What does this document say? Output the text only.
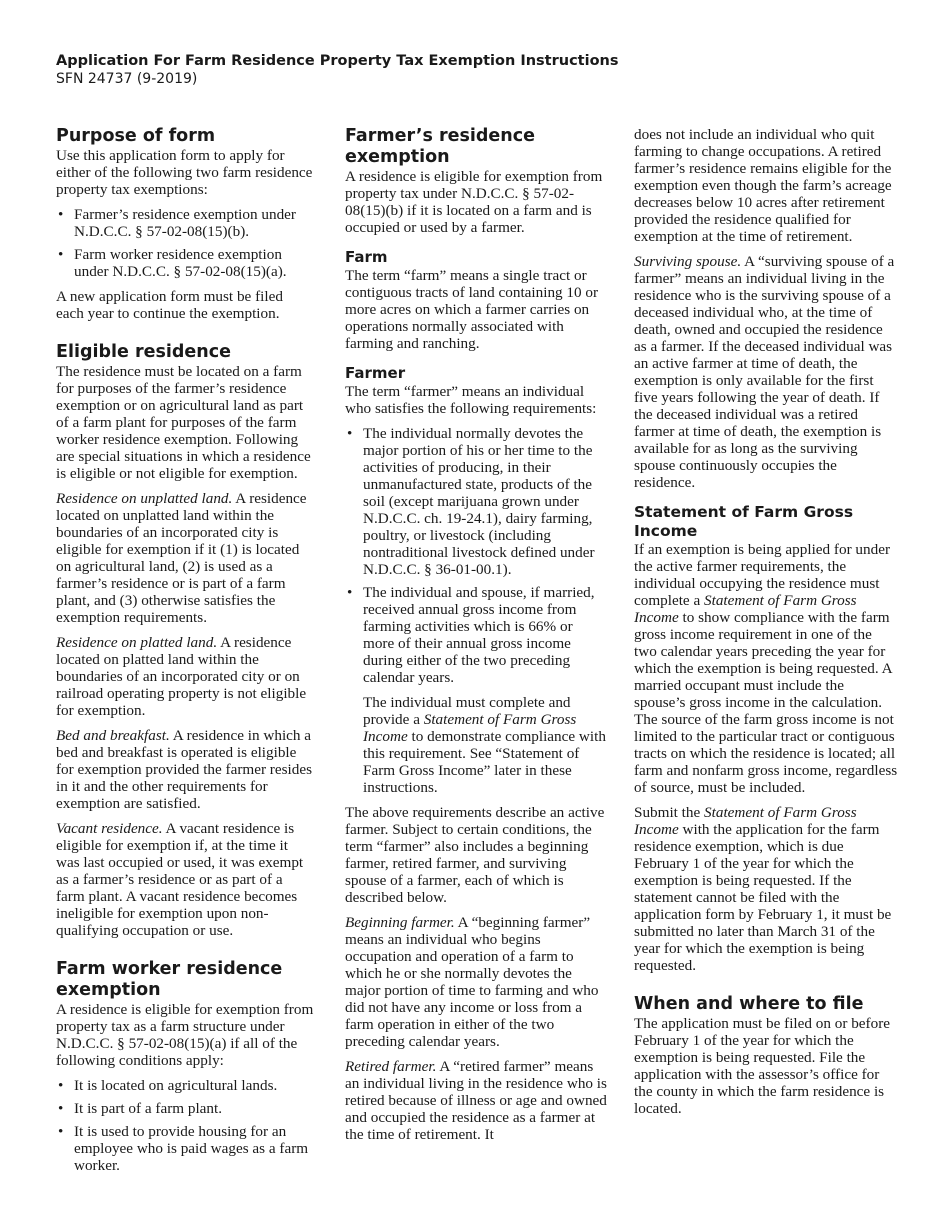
Application For Farm Residence Property Tax Exemption Instructions
SFN 24737 (9-2019)
Purpose of form

Use this application form to apply for either of the following two farm residence property tax exemptions:

• Farmer’s residence exemption under N.D.C.C. § 57-02-08(15)(b).
• Farm worker residence exemption under N.D.C.C. § 57-02-08(15)(a).

A new application form must be filed each year to continue the exemption.

Eligible residence

The residence must be located on a farm for purposes of the farmer’s residence exemption or on agricultural land as part of a farm plant for purposes of the farm worker residence exemption. Following are special situations in which a residence is eligible or not eligible for exemption.

Residence on unplatted land. A residence located on unplatted land within the boundaries of an incorporated city is eligible for exemption if it (1) is located on agricultural land, (2) is used as a farmer’s residence or is part of a farm plant, and (3) otherwise satisfies the exemption requirements.

Residence on platted land. A residence located on platted land within the boundaries of an incorporated city or on railroad operating property is not eligible for exemption.

Bed and breakfast. A residence in which a bed and breakfast is operated is eligible for exemption provided the farmer resides in it and the other requirements for exemption are satisfied.

Vacant residence. A vacant residence is eligible for exemption if, at the time it was last occupied or used, it was exempt as a farmer’s residence or as part of a farm plant. A vacant residence becomes ineligible for exemption upon non-qualifying occupation or use.

Farm worker residence exemption

A residence is eligible for exemption from property tax as a farm structure under N.D.C.C. § 57-02-08(15)(a) if all of the following conditions apply:

• It is located on agricultural lands.
• It is part of a farm plant.
• It is used to provide housing for an employee who is paid wages as a farm worker.
Farmer’s residence exemption

A residence is eligible for exemption from property tax under N.D.C.C. § 57-02-08(15)(b) if it is located on a farm and is occupied or used by a farmer.

Farm

The term “farm” means a single tract or contiguous tracts of land containing 10 or more acres on which a farmer carries on operations normally associated with farming and ranching.

Farmer

The term “farmer” means an individual who satisfies the following requirements:

• The individual normally devotes the major portion of his or her time to the activities of producing, in their unmanufactured state, products of the soil (except marijuana grown under N.D.C.C. ch. 19-24.1), dairy farming, poultry, or livestock (including nontraditional livestock defined under N.D.C.C. § 36-01-00.1).
• The individual and spouse, if married, received annual gross income from farming activities which is 66% or more of their annual gross income during either of the two preceding calendar years.
The individual must complete and provide a Statement of Farm Gross Income to demonstrate compliance with this requirement. See “Statement of Farm Gross Income” later in these instructions.

The above requirements describe an active farmer. Subject to certain conditions, the term “farmer” also includes a beginning farmer, retired farmer, and surviving spouse of a farmer, each of which is described below.

Beginning farmer. A “beginning farmer” means an individual who begins occupation and operation of a farm to which he or she normally devotes the major portion of time to farming and who did not have any income or loss from a farm operation in either of the two preceding calendar years.

Retired farmer. A “retired farmer” means an individual living in the residence who is retired because of illness or age and owned and occupied the residence as a farmer at the time of retirement. It

does not include an individual who quit farming to change occupations. A retired farmer’s residence remains eligible for the exemption even though the farm’s acreage decreases below 10 acres after retirement provided the residence qualified for exemption at the time of retirement.

Surviving spouse. A “surviving spouse of a farmer” means an individual living in the residence who is the surviving spouse of a deceased individual who, at the time of death, owned and occupied the residence as a farmer. If the deceased individual was an active farmer at time of death, the exemption is only available for the first five years following the year of death. If the deceased individual was a retired farmer at time of death, the exemption is available for as long as the surviving spouse continuously occupies the residence.

Statement of Farm Gross Income

If an exemption is being applied for under the active farmer requirements, the individual occupying the residence must complete a Statement of Farm Gross Income to show compliance with the farm gross income requirement in one of the two calendar years preceding the year for which the exemption is being requested. A married occupant must include the spouse’s gross income in the calculation. The source of the farm gross income is not limited to the particular tract or contiguous tracts on which the residence is located; all farm and nonfarm gross income, regardless of source, must be included.

Submit the Statement of Farm Gross Income with the application for the farm residence exemption, which is due February 1 of the year for which the exemption is being requested. If the statement cannot be filed with the application form by February 1, it must be submitted no later than March 31 of the year for which the exemption is being requested.

When and where to file

The application must be filed on or before February 1 of the year for which the exemption is being requested. File the application with the assessor’s office for the county in which the farm residence is located.
